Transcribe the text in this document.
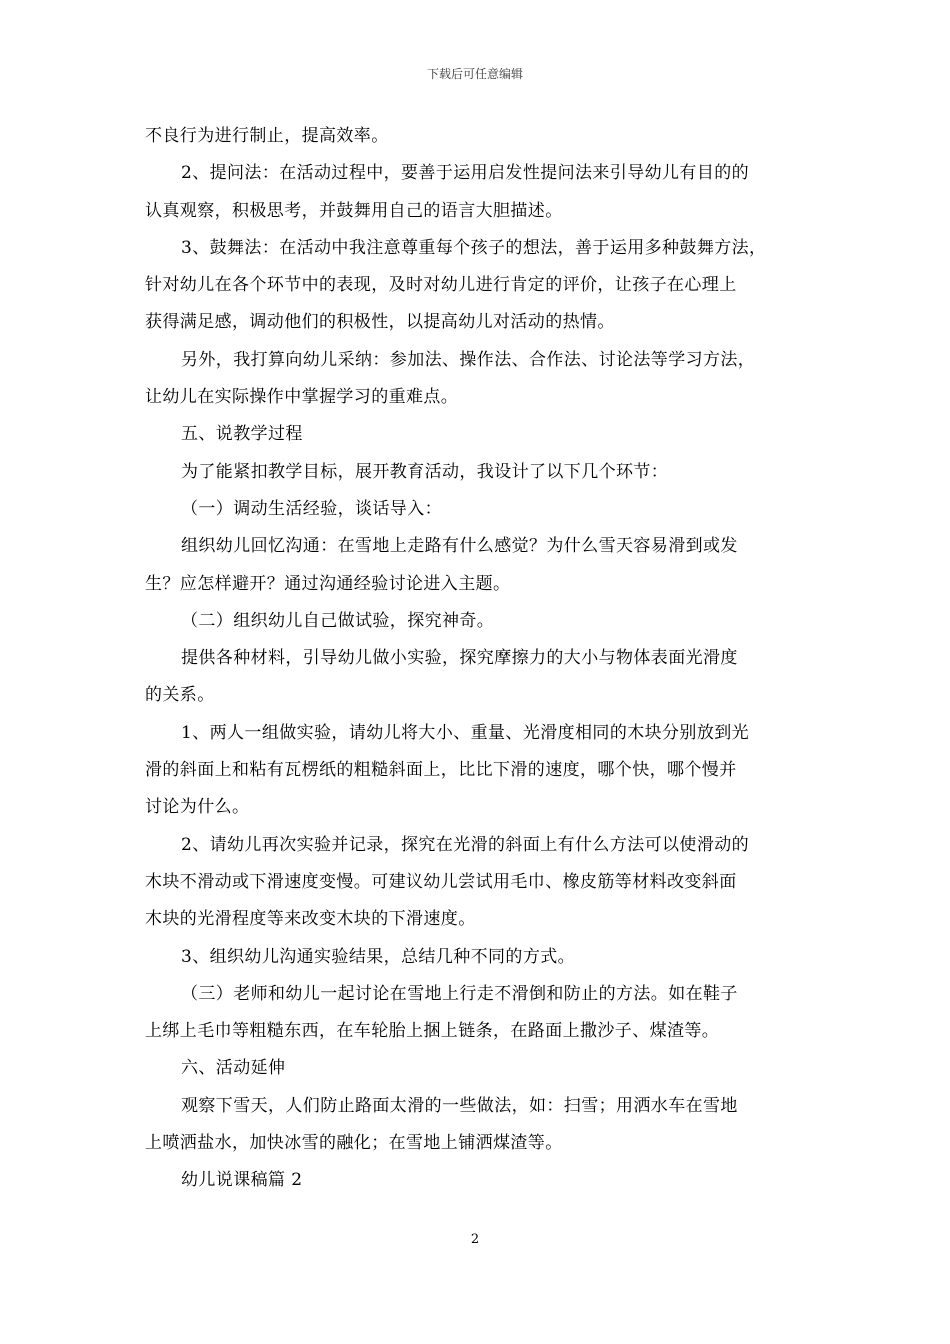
下载后可任意编辑
不良行为进行制止，提高效率。
2、提问法：在活动过程中，要善于运用启发性提问法来引导幼儿有目的的
认真观察，积极思考，并鼓舞用自己的语言大胆描述。
3、鼓舞法：在活动中我注意尊重每个孩子的想法，善于运用多种鼓舞方法，
针对幼儿在各个环节中的表现，及时对幼儿进行肯定的评价，让孩子在心理上
获得满足感，调动他们的积极性，以提高幼儿对活动的热情。
另外，我打算向幼儿采纳：参加法、操作法、合作法、讨论法等学习方法，
让幼儿在实际操作中掌握学习的重难点。
五、说教学过程
为了能紧扣教学目标，展开教育活动，我设计了以下几个环节：
（一）调动生活经验，谈话导入：
组织幼儿回忆沟通：在雪地上走路有什么感觉？为什么雪天容易滑到或发
生？应怎样避开？通过沟通经验讨论进入主题。
（二）组织幼儿自己做试验，探究神奇。
提供各种材料，引导幼儿做小实验，探究摩擦力的大小与物体表面光滑度
的关系。
1、两人一组做实验，请幼儿将大小、重量、光滑度相同的木块分别放到光
滑的斜面上和粘有瓦楞纸的粗糙斜面上，比比下滑的速度，哪个快，哪个慢并
讨论为什么。
2、请幼儿再次实验并记录，探究在光滑的斜面上有什么方法可以使滑动的
木块不滑动或下滑速度变慢。可建议幼儿尝试用毛巾、橡皮筋等材料改变斜面
木块的光滑程度等来改变木块的下滑速度。
3、组织幼儿沟通实验结果，总结几种不同的方式。
（三）老师和幼儿一起讨论在雪地上行走不滑倒和防止的方法。如在鞋子
上绑上毛巾等粗糙东西，在车轮胎上捆上链条，在路面上撒沙子、煤渣等。
六、活动延伸
观察下雪天，人们防止路面太滑的一些做法，如：扫雪；用洒水车在雪地
上喷洒盐水，加快冰雪的融化；在雪地上铺洒煤渣等。
幼儿说课稿篇 2
2
